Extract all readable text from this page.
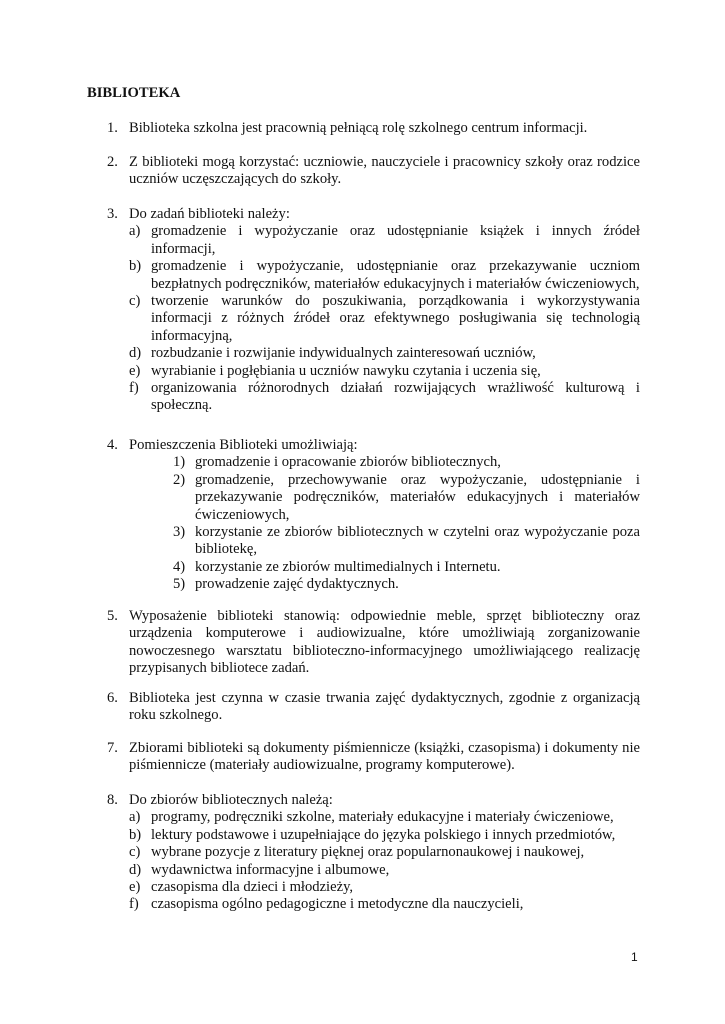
BIBLIOTEKA
1. Biblioteka szkolna jest pracownią pełniącą rolę szkolnego centrum informacji.
2. Z biblioteki mogą korzystać: uczniowie, nauczyciele i pracownicy szkoły oraz rodzice uczniów uczęszczających do szkoły.
3. Do zadań biblioteki należy:
a) gromadzenie i wypożyczanie oraz udostępnianie książek i innych źródeł informacji,
b) gromadzenie i wypożyczanie, udostępnianie oraz przekazywanie uczniom bezpłatnych podręczników, materiałów edukacyjnych i materiałów ćwiczeniowych,
c) tworzenie warunków do poszukiwania, porządkowania i wykorzystywania informacji z różnych źródeł oraz efektywnego posługiwania się technologią informacyjną,
d) rozbudzanie i rozwijanie indywidualnych zainteresowań uczniów,
e) wyrabianie i pogłębiania u uczniów nawyku czytania i uczenia się,
f) organizowania różnorodnych działań rozwijających wrażliwość kulturową i społeczną.
4. Pomieszczenia Biblioteki umożliwiają:
1) gromadzenie i opracowanie zbiorów bibliotecznych,
2) gromadzenie, przechowywanie oraz wypożyczanie, udostępnianie i przekazywanie podręczników, materiałów edukacyjnych i materiałów ćwiczeniowych,
3) korzystanie ze zbiorów bibliotecznych w czytelni oraz wypożyczanie poza bibliotekę,
4) korzystanie ze zbiorów multimedialnych i Internetu.
5) prowadzenie zajęć dydaktycznych.
5. Wyposażenie biblioteki stanowią: odpowiednie meble, sprzęt biblioteczny oraz urządzenia komputerowe i audiowizualne, które umożliwiają zorganizowanie nowoczesnego warsztatu biblioteczno-informacyjnego umożliwiającego realizację przypisanych bibliotece zadań.
6. Biblioteka jest czynna w czasie trwania zajęć dydaktycznych, zgodnie z organizacją roku szkolnego.
7. Zbiorami biblioteki są dokumenty piśmiennicze (książki, czasopisma) i dokumenty nie piśmiennicze (materiały audiowizualne, programy komputerowe).
8. Do zbiorów bibliotecznych należą:
a) programy, podręczniki szkolne, materiały edukacyjne i materiały ćwiczeniowe,
b) lektury podstawowe i uzupełniające do języka polskiego i innych przedmiotów,
c) wybrane pozycje z literatury pięknej oraz popularnonaukowej i naukowej,
d) wydawnictwa informacyjne i albumowe,
e) czasopisma dla dzieci i młodzieży,
f) czasopisma ogólno pedagogiczne i metodyczne dla nauczycieli,
1
